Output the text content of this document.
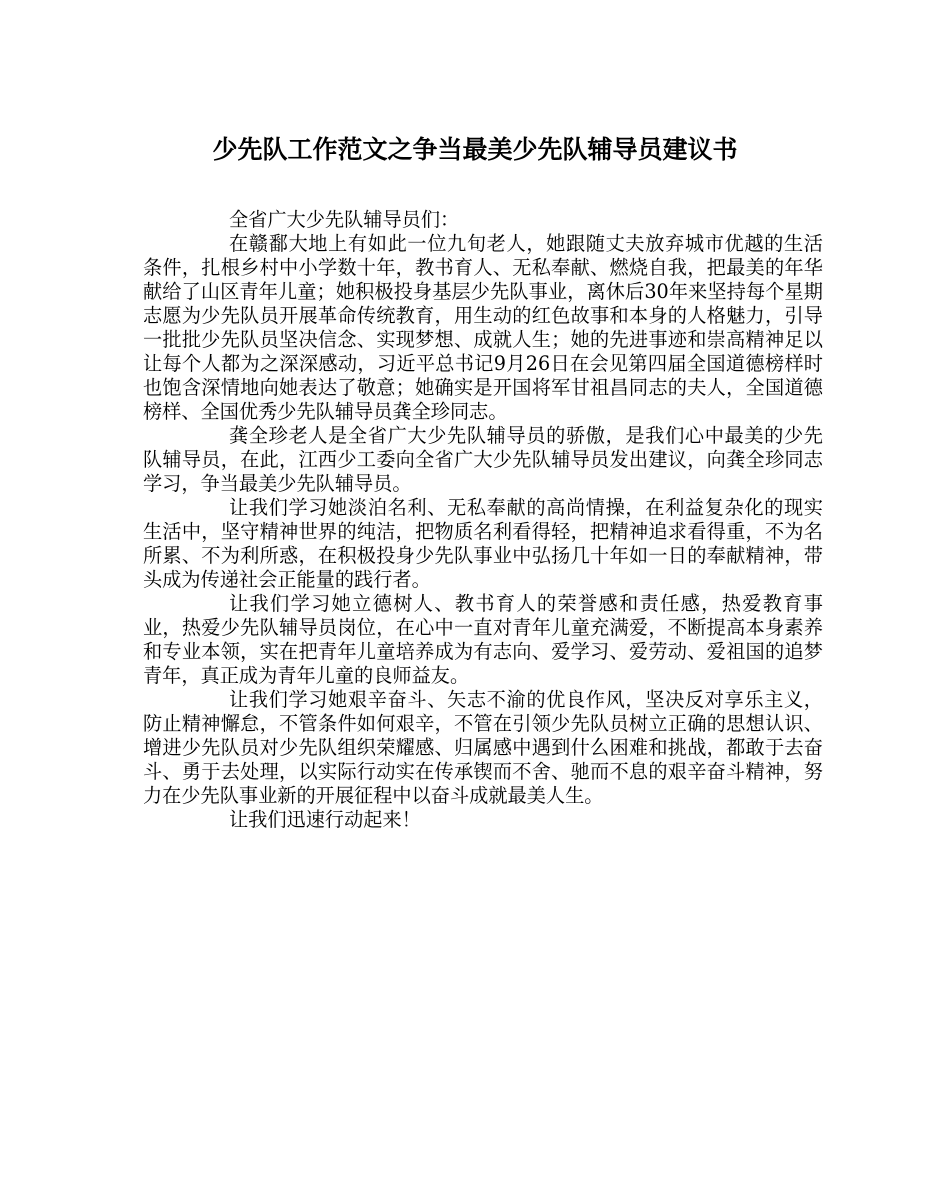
少先队工作范文之争当最美少先队辅导员建议书

全省广大少先队辅导员们：

在赣鄱大地上有如此一位九旬老人，她跟随丈夫放弃城市优越的生活条件，扎根乡村中小学数十年，教书育人、无私奉献、燃烧自我，把最美的年华献给了山区青年儿童；她积极投身基层少先队事业，离休后30年来坚持每个星期志愿为少先队员开展革命传统教育，用生动的红色故事和本身的人格魅力，引导一批批少先队员坚决信念、实现梦想、成就人生；她的先进事迹和崇高精神足以让每个人都为之深深感动，习近平总书记9月26日在会见第四届全国道德榜样时也饱含深情地向她表达了敬意；她确实是开国将军甘祖昌同志的夫人，全国道德榜样、全国优秀少先队辅导员龚全珍同志。

龚全珍老人是全省广大少先队辅导员的骄傲，是我们心中最美的少先队辅导员，在此，江西少工委向全省广大少先队辅导员发出建议，向龚全珍同志学习，争当最美少先队辅导员。

让我们学习她淡泊名利、无私奉献的高尚情操，在利益复杂化的现实生活中，坚守精神世界的纯洁，把物质名利看得轻，把精神追求看得重，不为名所累、不为利所惑，在积极投身少先队事业中弘扬几十年如一日的奉献精神，带头成为传递社会正能量的践行者。

让我们学习她立德树人、教书育人的荣誉感和责任感，热爱教育事业，热爱少先队辅导员岗位，在心中一直对青年儿童充满爱，不断提高本身素养和专业本领，实在把青年儿童培养成为有志向、爱学习、爱劳动、爱祖国的追梦青年，真正成为青年儿童的良师益友。

让我们学习她艰辛奋斗、矢志不渝的优良作风，坚决反对享乐主义，防止精神懈怠，不管条件如何艰辛，不管在引领少先队员树立正确的思想认识、增进少先队员对少先队组织荣耀感、归属感中遇到什么困难和挑战，都敢于去奋斗、勇于去处理，以实际行动实在传承锲而不舍、驰而不息的艰辛奋斗精神，努力在少先队事业新的开展征程中以奋斗成就最美人生。

让我们迅速行动起来！
